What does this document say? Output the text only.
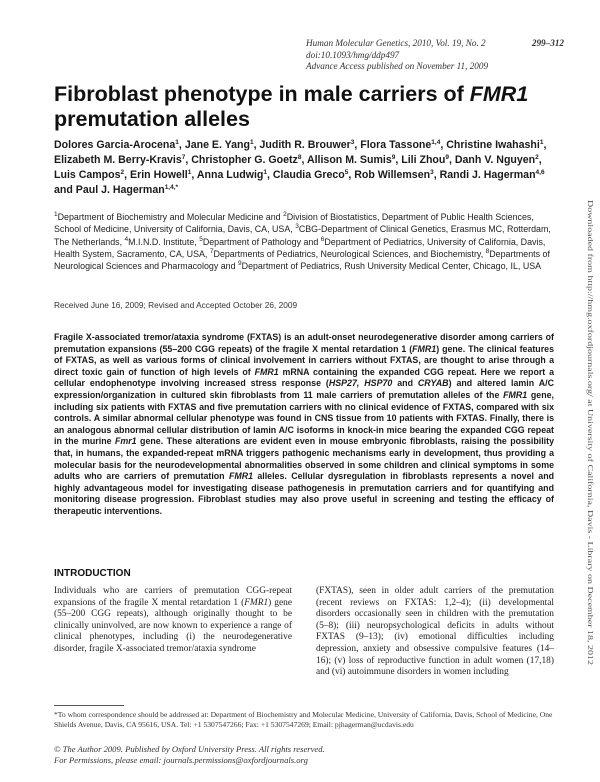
Human Molecular Genetics, 2010, Vol. 19, No. 2	299–312
doi:10.1093/hmg/ddp497
Advance Access published on November 11, 2009
Fibroblast phenotype in male carriers of FMR1
premutation alleles
Dolores Garcia-Arocena$^1$, Jane E. Yang$^1$, Judith R. Brouwer$^3$, Flora Tassone$^{1,4}$, Christine Iwahashi$^1$, Elizabeth M. Berry-Kravis$^7$, Christopher G. Goetz$^8$, Allison M. Sumis$^9$, Lili Zhou$^9$, Danh V. Nguyen$^2$, Luis Campos$^2$, Erin Howell$^1$, Anna Ludwig$^1$, Claudia Greco$^5$, Rob Willemsen$^3$, Randi J. Hagerman$^{4,6}$ and Paul J. Hagerman$^{1,4,*}$
$^1$Department of Biochemistry and Molecular Medicine and $^2$Division of Biostatistics, Department of Public Health Sciences, School of Medicine, University of California, Davis, CA, USA, $^3$CBG-Department of Clinical Genetics, Erasmus MC, Rotterdam, The Netherlands, $^4$M.I.N.D. Institute, $^5$Department of Pathology and $^6$Department of Pediatrics, University of California, Davis, Health System, Sacramento, CA, USA, $^7$Departments of Pediatrics, Neurological Sciences, and Biochemistry, $^8$Departments of Neurological Sciences and Pharmacology and $^9$Department of Pediatrics, Rush University Medical Center, Chicago, IL, USA
Received June 16, 2009; Revised and Accepted October 26, 2009
Fragile X-associated tremor/ataxia syndrome (FXTAS) is an adult-onset neurodegenerative disorder among carriers of premutation expansions (55–200 CGG repeats) of the fragile X mental retardation 1 (FMR1) gene. The clinical features of FXTAS, as well as various forms of clinical involvement in carriers without FXTAS, are thought to arise through a direct toxic gain of function of high levels of FMR1 mRNA containing the expanded CGG repeat. Here we report a cellular endophenotype involving increased stress response (HSP27, HSP70 and CRYAB) and altered lamin A/C expression/organization in cultured skin fibroblasts from 11 male carriers of premutation alleles of the FMR1 gene, including six patients with FXTAS and five premutation carriers with no clinical evidence of FXTAS, compared with six controls. A similar abnormal cellular phenotype was found in CNS tissue from 10 patients with FXTAS. Finally, there is an analogous abnormal cellular distribution of lamin A/C isoforms in knock-in mice bearing the expanded CGG repeat in the murine Fmr1 gene. These alterations are evident even in mouse embryonic fibroblasts, raising the possibility that, in humans, the expanded-repeat mRNA triggers pathogenic mechanisms early in development, thus providing a molecular basis for the neurodevelopmental abnormalities observed in some children and clinical symptoms in some adults who are carriers of premutation FMR1 alleles. Cellular dysregulation in fibroblasts represents a novel and highly advantageous model for investigating disease pathogenesis in premutation carriers and for quantifying and monitoring disease progression. Fibroblast studies may also prove useful in screening and testing the efficacy of therapeutic interventions.
INTRODUCTION
Individuals who are carriers of premutation CGG-repeat expansions of the fragile X mental retardation 1 (FMR1) gene (55–200 CGG repeats), although originally thought to be clinically uninvolved, are now known to experience a range of clinical phenotypes, including (i) the neurodegenerative disorder, fragile X-associated tremor/ataxia syndrome
(FXTAS), seen in older adult carriers of the premutation (recent reviews on FXTAS: 1,2–4); (ii) developmental disorders occasionally seen in children with the premutation (5–8); (iii) neuropsychological deficits in adults without FXTAS (9–13); (iv) emotional difficulties including depression, anxiety and obsessive compulsive features (14–16); (v) loss of reproductive function in adult women (17,18) and (vi) autoimmune disorders in women including
*To whom correspondence should be addressed at: Department of Biochemistry and Molecular Medicine, University of California, Davis, School of Medicine, One Shields Avenue, Davis, CA 95616, USA. Tel: +1 5307547266; Fax: +1 5307547269; Email: pjhagerman@ucdavis.edu
© The Author 2009. Published by Oxford University Press. All rights reserved.
For Permissions, please email: journals.permissions@oxfordjournals.org
Downloaded from http://hmg.oxfordjournals.org/ at University of California, Davis - Library on December 18, 2012
